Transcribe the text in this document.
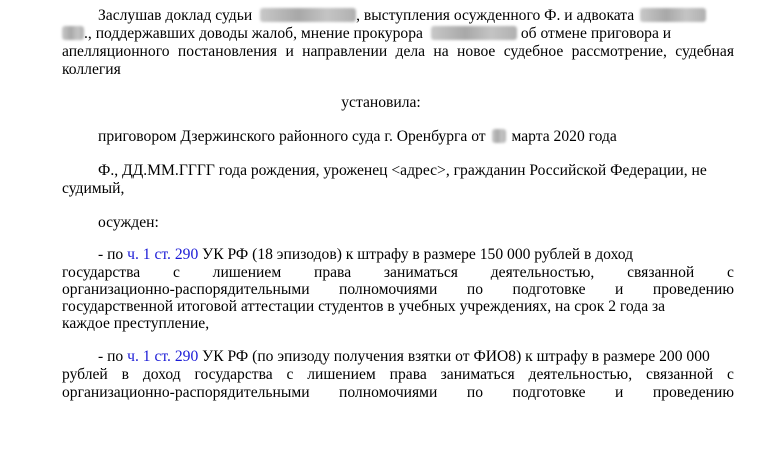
Заслушав доклад судьи	, выступления осужденного Ф. и адвоката
., поддержавших доводы жалоб, мнение прокурора	об отмене приговора и
апелляционного постановления и направлении дела на новое судебное рассмотрение, судебная
коллегия
установила:
приговором Дзержинского районного суда г. Оренбурга от марта 2020 года
Ф., ДД.ММ.ГГГГ года рождения, уроженец <адрес>, гражданин Российской Федерации, не
судимый,
осужден:
- по ч. 1 ст. 290 УК РФ (18 эпизодов) к штрафу в размере 150 000 рублей в доход
государства с лишением права заниматься деятельностью, связанной с
организационно-распорядительными полномочиями по подготовке и проведению
государственной итоговой аттестации студентов в учебных учреждениях, на срок 2 года за
каждое преступление,
- по ч. 1 ст. 290 УК РФ (по эпизоду получения взятки от ФИО8) к штрафу в размере 200 000
рублей в доход государства с лишением права заниматься деятельностью, связанной с
организационно-распорядительными полномочиями по подготовке и проведению
